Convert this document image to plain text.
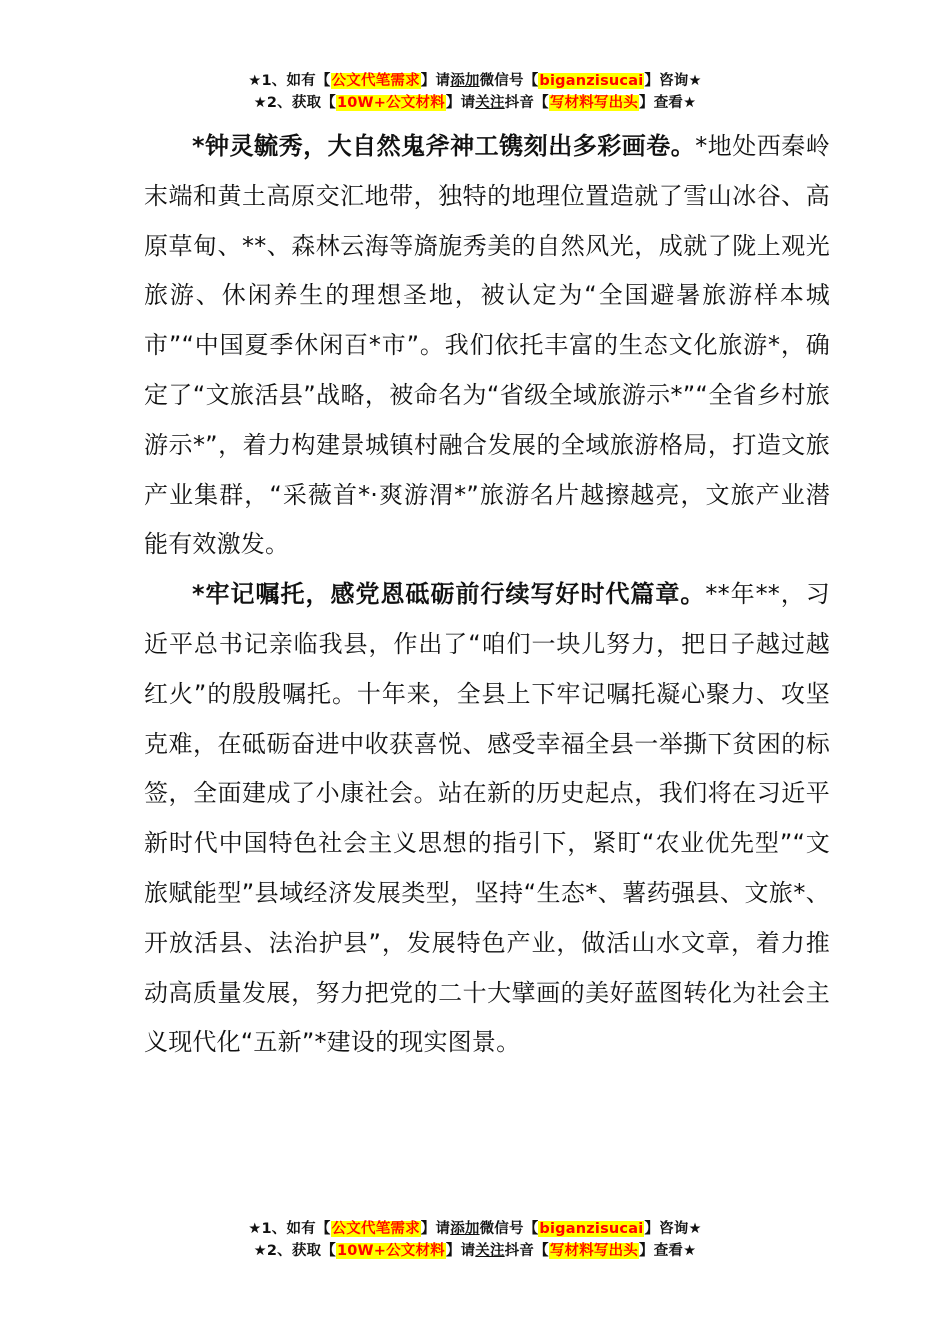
★1、如有【公文代笔需求】请添加微信号【biganzisucai】咨询★
★2、获取【10W+公文材料】请关注抖音【写材料写出头】查看★

*钟灵毓秀，大自然鬼斧神工镌刻出多彩画卷。*地处西秦岭末端和黄土高原交汇地带，独特的地理位置造就了雪山冰谷、高原草甸、**、森林云海等旖旎秀美的自然风光，成就了陇上观光旅游、休闲养生的理想圣地，被认定为“全国避暑旅游样本城市”“中国夏季休闲百*市”。我们依托丰富的生态文化旅游*，确定了“文旅活县”战略，被命名为“省级全域旅游示*”“全省乡村旅游示*”，着力构建景城镇村融合发展的全域旅游格局，打造文旅产业集群，“采薇首*·爽游渭*”旅游名片越擦越亮，文旅产业潜能有效激发。

*牢记嘱托，感党恩砥砺前行续写好时代篇章。**年**，习近平总书记亲临我县，作出了“咱们一块儿努力，把日子越过越红火”的殷殷嘱托。十年来，全县上下牢记嘱托凝心聚力、攻坚克难，在砥砺奋进中收获喜悦、感受幸福全县一举撕下贫困的标签，全面建成了小康社会。站在新的历史起点，我们将在习近平新时代中国特色社会主义思想的指引下，紧盯“农业优先型”“文旅赋能型”县域经济发展类型，坚持“生态*、薯药强县、文旅*、开放活县、法治护县”，发展特色产业，做活山水文章，着力推动高质量发展，努力把党的二十大擘画的美好蓝图转化为社会主义现代化“五新”*建设的现实图景。

★1、如有【公文代笔需求】请添加微信号【biganzisucai】咨询★
★2、获取【10W+公文材料】请关注抖音【写材料写出头】查看★
